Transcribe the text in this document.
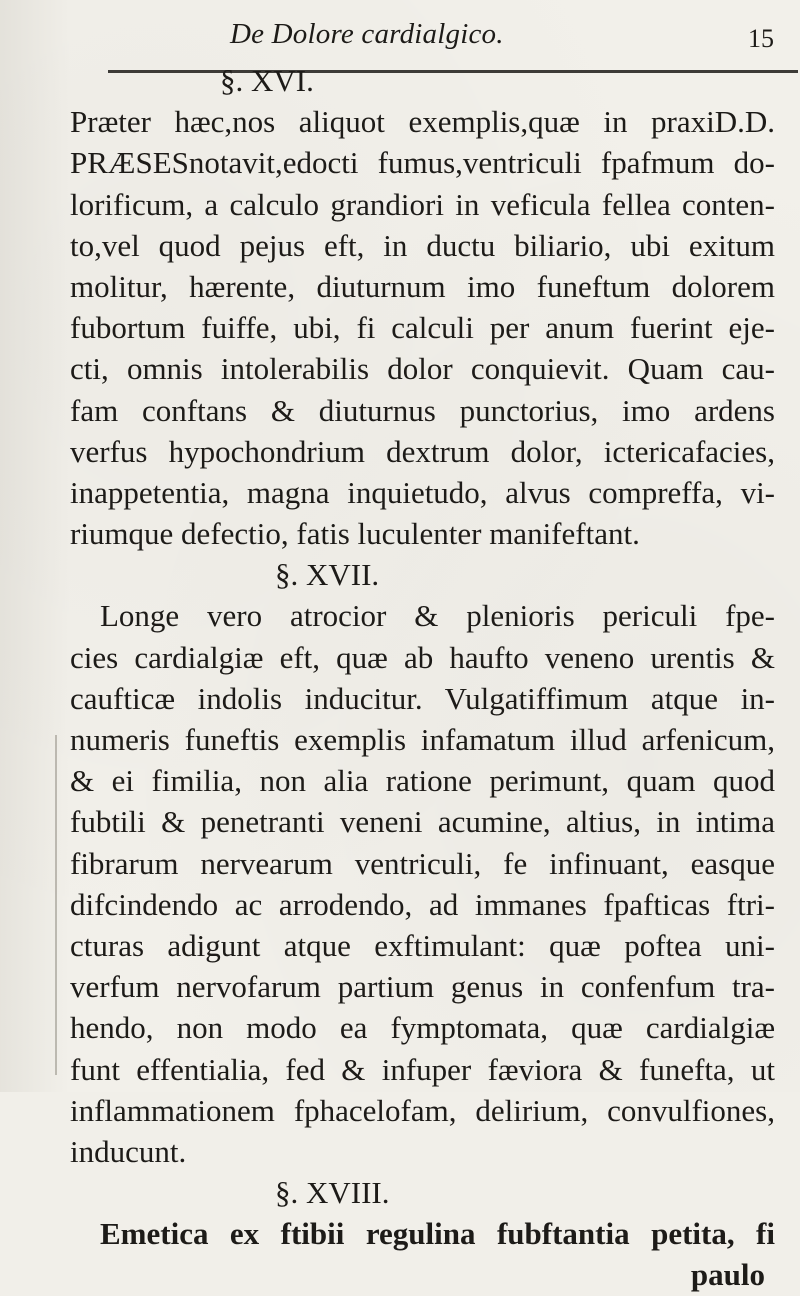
De Dolore cardialgico.	15
§. XVI.
Præter hæc,nos aliquot exemplis,quæ in praxiD.D.
PRÆSESnotavit,edocti fumus,ventriculi fpafmum do-
lorificum, a calculo grandiori in veficula fellea conten-
to,vel quod pejus eft, in ductu biliario, ubi exitum
molitur, hærente, diuturnum imo funeftum dolorem
fubortum fuiffe, ubi, fi calculi per anum fuerint eje-
cti, omnis intolerabilis dolor conquievit. Quam cau-
fam conftans & diuturnus punctorius, imo ardens
verfus hypochondrium dextrum dolor, ictericafacies,
inappetentia, magna inquietudo, alvus compreffa, vi-
riumque defectio, fatis luculenter manifeftant.
§. XVII.
Longe vero atrocior & plenioris periculi fpe-
cies cardialgiæ eft, quæ ab haufto veneno urentis &
caufticæ indolis inducitur. Vulgatiffimum atque in-
numeris funeftis exemplis infamatum illud arfenicum,
& ei fimilia, non alia ratione perimunt, quam quod
fubtili & penetranti veneni acumine, altius, in intima
fibrarum nervearum ventriculi, fe infinuant, easque
difcindendo ac arrodendo, ad immanes fpafticas ftri-
cturas adigunt atque exftimulant: quæ poftea uni-
verfum nervofarum partium genus in confenfum tra-
hendo, non modo ea fymptomata, quæ cardialgiæ
funt effentialia, fed & infuper fæviora & funefta, ut
inflammationem fphacelofam, delirium, convulfiones,
inducunt.
§. XVIII.
Emetica ex ftibii regulina fubftantia petita, fi
paulo
